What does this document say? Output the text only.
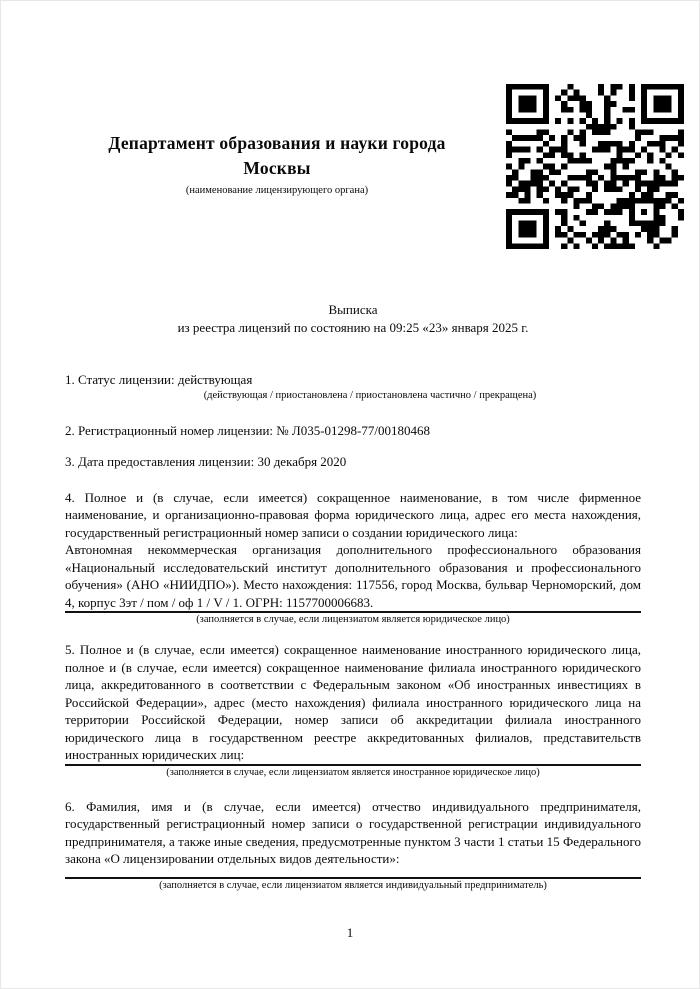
Департамент образования и науки города Москвы
(наименование лицензирующего органа)
Выписка
из реестра лицензий по состоянию на 09:25 «23» января 2025 г.

1. Статус лицензии: действующая

(действующая / приостановлена / приостановлена частично / прекращена)

2. Регистрационный номер лицензии: № Л035-01298-77/00180468

3. Дата предоставления лицензии: 30 декабря 2020

4. Полное и (в случае, если имеется) сокращенное наименование, в том числе фирменное наименование, и организационно-правовая форма юридического лица, адрес его места нахождения, государственный регистрационный номер записи о создании юридического лица:

Автономная некоммерческая организация дополнительного профессионального образования «Национальный исследовательский институт дополнительного образования и профессионального обучения» (АНО «НИИДПО»). Место нахождения: 117556, город Москва, бульвар Черноморский, дом 4, корпус 3эт / пом / оф 1 / V / 1. ОГРН: 1157700006683.

(заполняется в случае, если лицензиатом является юридическое лицо)

5. Полное и (в случае, если имеется) сокращенное наименование иностранного юридического лица, полное и (в случае, если имеется) сокращенное наименование филиала иностранного юридического лица, аккредитованного в соответствии с Федеральным законом «Об иностранных инвестициях в Российской Федерации», адрес (место нахождения) филиала иностранного юридического лица на территории Российской Федерации, номер записи об аккредитации филиала иностранного юридического лица в государственном реестре аккредитованных филиалов, представительств иностранных юридических лиц:

(заполняется в случае, если лицензиатом является иностранное юридическое лицо)

6. Фамилия, имя и (в случае, если имеется) отчество индивидуального предпринимателя, государственный регистрационный номер записи о государственной регистрации индивидуального предпринимателя, а также иные сведения, предусмотренные пунктом 3 части 1 статьи 15 Федерального закона «О лицензировании отдельных видов деятельности»:

(заполняется в случае, если лицензиатом является индивидуальный предприниматель)

1
